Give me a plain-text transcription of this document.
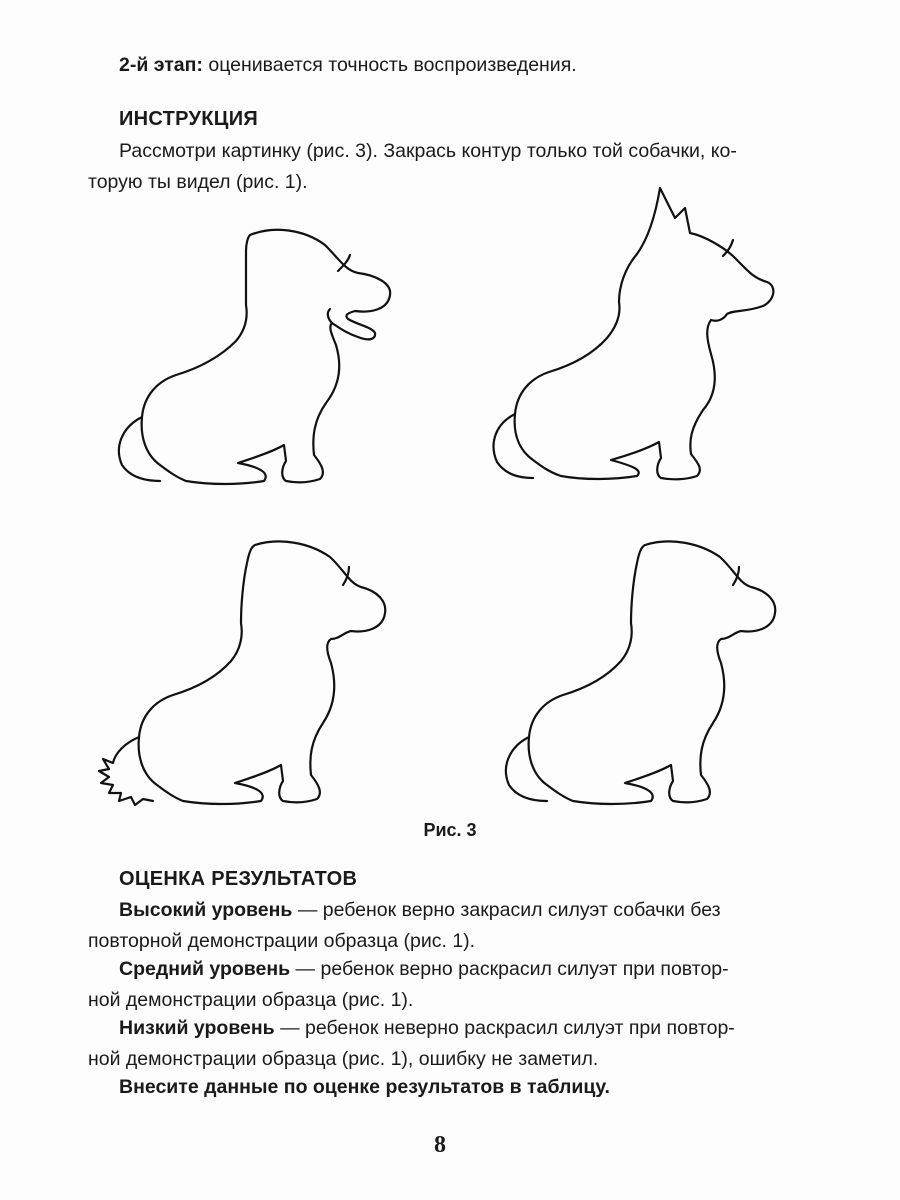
2-й этап: оценивается точность воспроизведения.

ИНСТРУКЦИЯ

Рассмотри картинку (рис. 3). Закрась контур только той собачки, ко-

торую ты видел (рис. 1).

Рис. 3
ОЦЕНКА РЕЗУЛЬТАТОВ

Высокий уровень — ребенок верно закрасил силуэт собачки без

повторной демонстрации образца (рис. 1).

Средний уровень — ребенок верно раскрасил силуэт при повтор-

ной демонстрации образца (рис. 1).

Низкий уровень — ребенок неверно раскрасил силуэт при повтор-

ной демонстрации образца (рис. 1), ошибку не заметил.

Внесите данные по оценке результатов в таблицу.

8
